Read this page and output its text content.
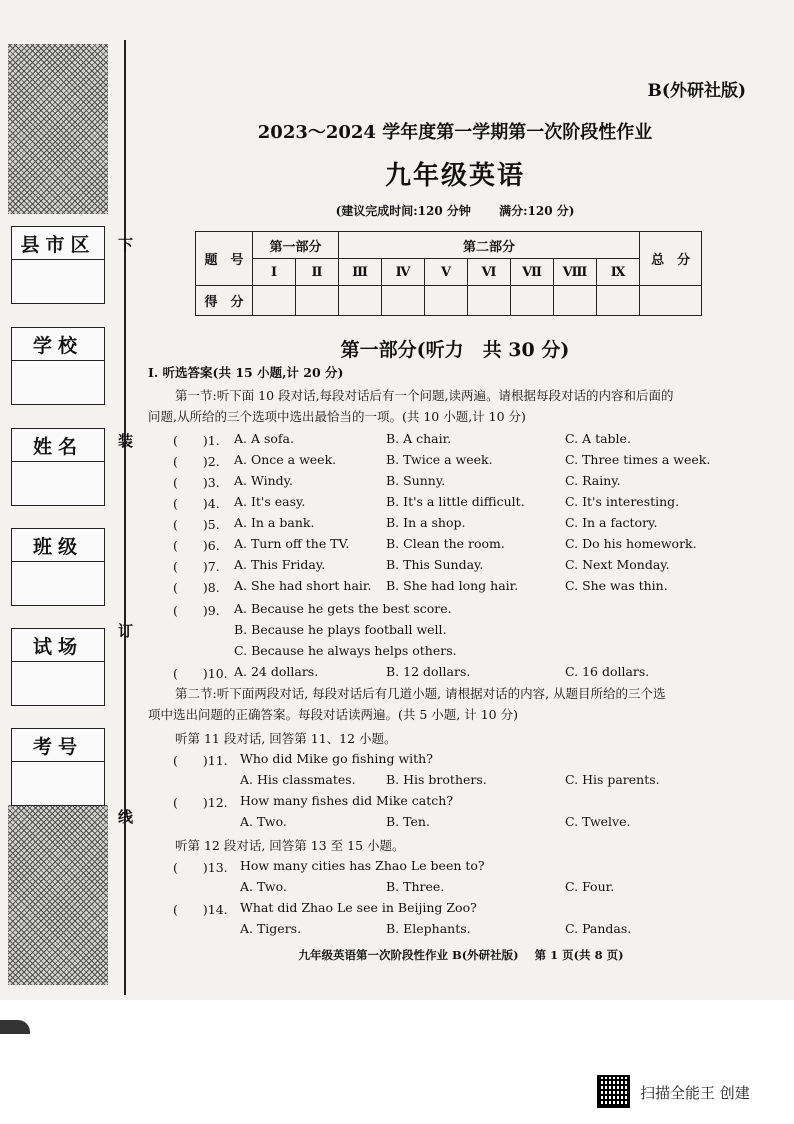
下
装
订
线
县市区
学校
姓名
班级
试场
考号
B(外研社版)
2023～2024 学年度第一学期第一次阶段性作业
九年级英语
(建议完成时间:120 分钟 满分:120 分)
题　号	第一部分		第二部分							总　分
	Ⅰ	Ⅱ	Ⅲ	Ⅳ	Ⅴ	Ⅵ	Ⅶ	Ⅷ	Ⅸ	
得　分										
第一部分(听力　共 30 分)
Ⅰ. 听选答案(共 15 小题,计 20 分)
第一节:听下面 10 段对话,每段对话后有一个问题,读两遍。请根据每段对话的内容和后面的
问题,从所给的三个选项中选出最恰当的一项。(共 10 小题,计 10 分)
(　　)1. A. A sofa.	B. A chair.	C. A table.
(　　)2. A. Once a week.	B. Twice a week.	C. Three times a week.
(　　)3. A. Windy.	B. Sunny.	C. Rainy.
(　　)4. A. It's easy.	B. It's a little difficult.	C. It's interesting.
(　　)5. A. In a bank.	B. In a shop.	C. In a factory.
(　　)6. A. Turn off the TV.	B. Clean the room.	C. Do his homework.
(　　)7. A. This Friday.	B. This Sunday.	C. Next Monday.
(　　)8. A. She had short hair. B. She had long hair.	C. She was thin.
(　　)9. A. Because he gets the best score.
B. Because he plays football well.
C. Because he always helps others.
(　　)10. A. 24 dollars.	B. 12 dollars.	C. 16 dollars.
第二节:听下面两段对话, 每段对话后有几道小题, 请根据对话的内容, 从题目所给的三个选
项中选出问题的正确答案。每段对话读两遍。(共 5 小题, 计 10 分)
听第 11 段对话, 回答第 11、12 小题。
(　　)11. Who did Mike go fishing with?
A. His classmates. B. His brothers.	C. His parents.
(　　)12. How many fishes did Mike catch?
A. Two.	B. Ten.	C. Twelve.
听第 12 段对话, 回答第 13 至 15 小题。
(　　)13. How many cities has Zhao Le been to?
A. Two.	B. Three.	C. Four.
(　　)14. What did Zhao Le see in Beijing Zoo?
A. Tigers.	B. Elephants.	C. Pandas.
九年级英语第一次阶段性作业 B(外研社版) 第 1 页(共 8 页)
扫描全能王 创建
